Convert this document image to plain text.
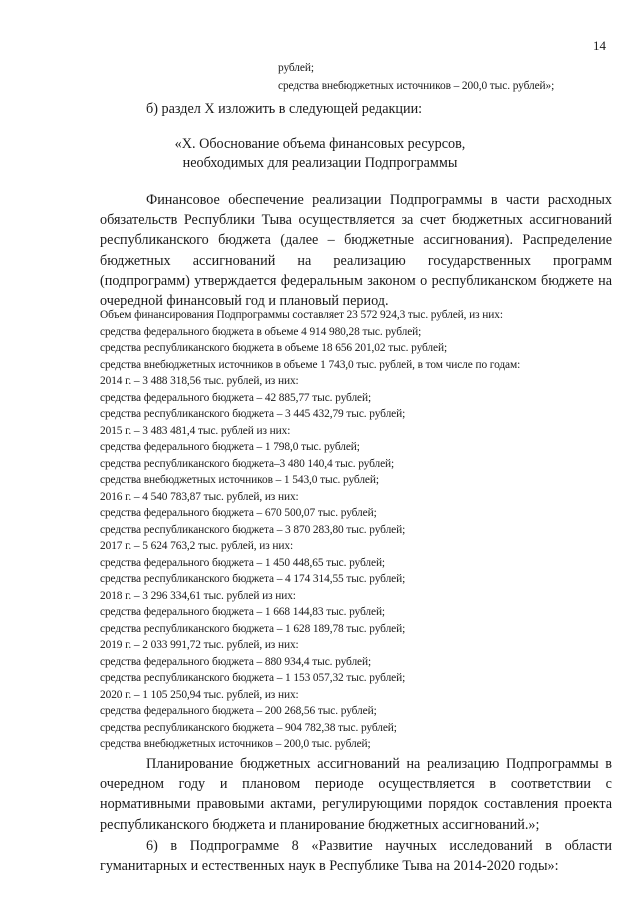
14
рублей;
средства внебюджетных источников – 200,0 тыс. рублей»;
б) раздел X изложить в следующей редакции:
«X. Обоснование объема финансовых ресурсов,
необходимых для реализации Подпрограммы

Финансовое обеспечение реализации Подпрограммы в части расходных обязательств Республики Тыва осуществляется за счет бюджетных ассигнований республиканского бюджета (далее – бюджетные ассигнования). Распределение бюджетных ассигнований на реализацию государственных программ (подпрограмм) утверждается федеральным законом о республиканском бюджете на очередной финансовый год и плановый период.

Объем финансирования Подпрограммы составляет 23 572 924,3 тыс. рублей, из них:
средства федерального бюджета в объеме 4 914 980,28 тыс. рублей;
средства республиканского бюджета в объеме 18 656 201,02 тыс. рублей;
средства внебюджетных источников в объеме 1 743,0 тыс. рублей, в том числе по годам:
2014 г. – 3 488 318,56 тыс. рублей, из них:
средства федерального бюджета – 42 885,77 тыс. рублей;
средства республиканского бюджета – 3 445 432,79 тыс. рублей;
2015 г. – 3 483 481,4 тыс. рублей из них:
средства федерального бюджета – 1 798,0 тыс. рублей;
средства республиканского бюджета–3 480 140,4 тыс. рублей;
средства внебюджетных источников – 1 543,0 тыс. рублей;
2016 г. – 4 540 783,87 тыс. рублей, из них:
средства федерального бюджета – 670 500,07 тыс. рублей;
средства республиканского бюджета – 3 870 283,80 тыс. рублей;
2017 г. – 5 624 763,2 тыс. рублей, из них:
средства федерального бюджета – 1 450 448,65 тыс. рублей;
средства республиканского бюджета – 4 174 314,55 тыс. рублей;
2018 г. – 3 296 334,61 тыс. рублей из них:
средства федерального бюджета – 1 668 144,83 тыс. рублей;
средства республиканского бюджета – 1 628 189,78 тыс. рублей;
2019 г. – 2 033 991,72 тыс. рублей, из них:
средства федерального бюджета – 880 934,4 тыс. рублей;
средства республиканского бюджета – 1 153 057,32 тыс. рублей;
2020 г. – 1 105 250,94 тыс. рублей, из них:
средства федерального бюджета – 200 268,56 тыс. рублей;
средства республиканского бюджета – 904 782,38 тыс. рублей;
средства внебюджетных источников – 200,0 тыс. рублей;

Планирование бюджетных ассигнований на реализацию Подпрограммы в очередном году и плановом периоде осуществляется в соответствии с нормативными правовыми актами, регулирующими порядок составления проекта республиканского бюджета и планирование бюджетных ассигнований.»;

6) в Подпрограмме 8 «Развитие научных исследований в области гуманитарных и естественных наук в Республике Тыва на 2014-2020 годы»:
